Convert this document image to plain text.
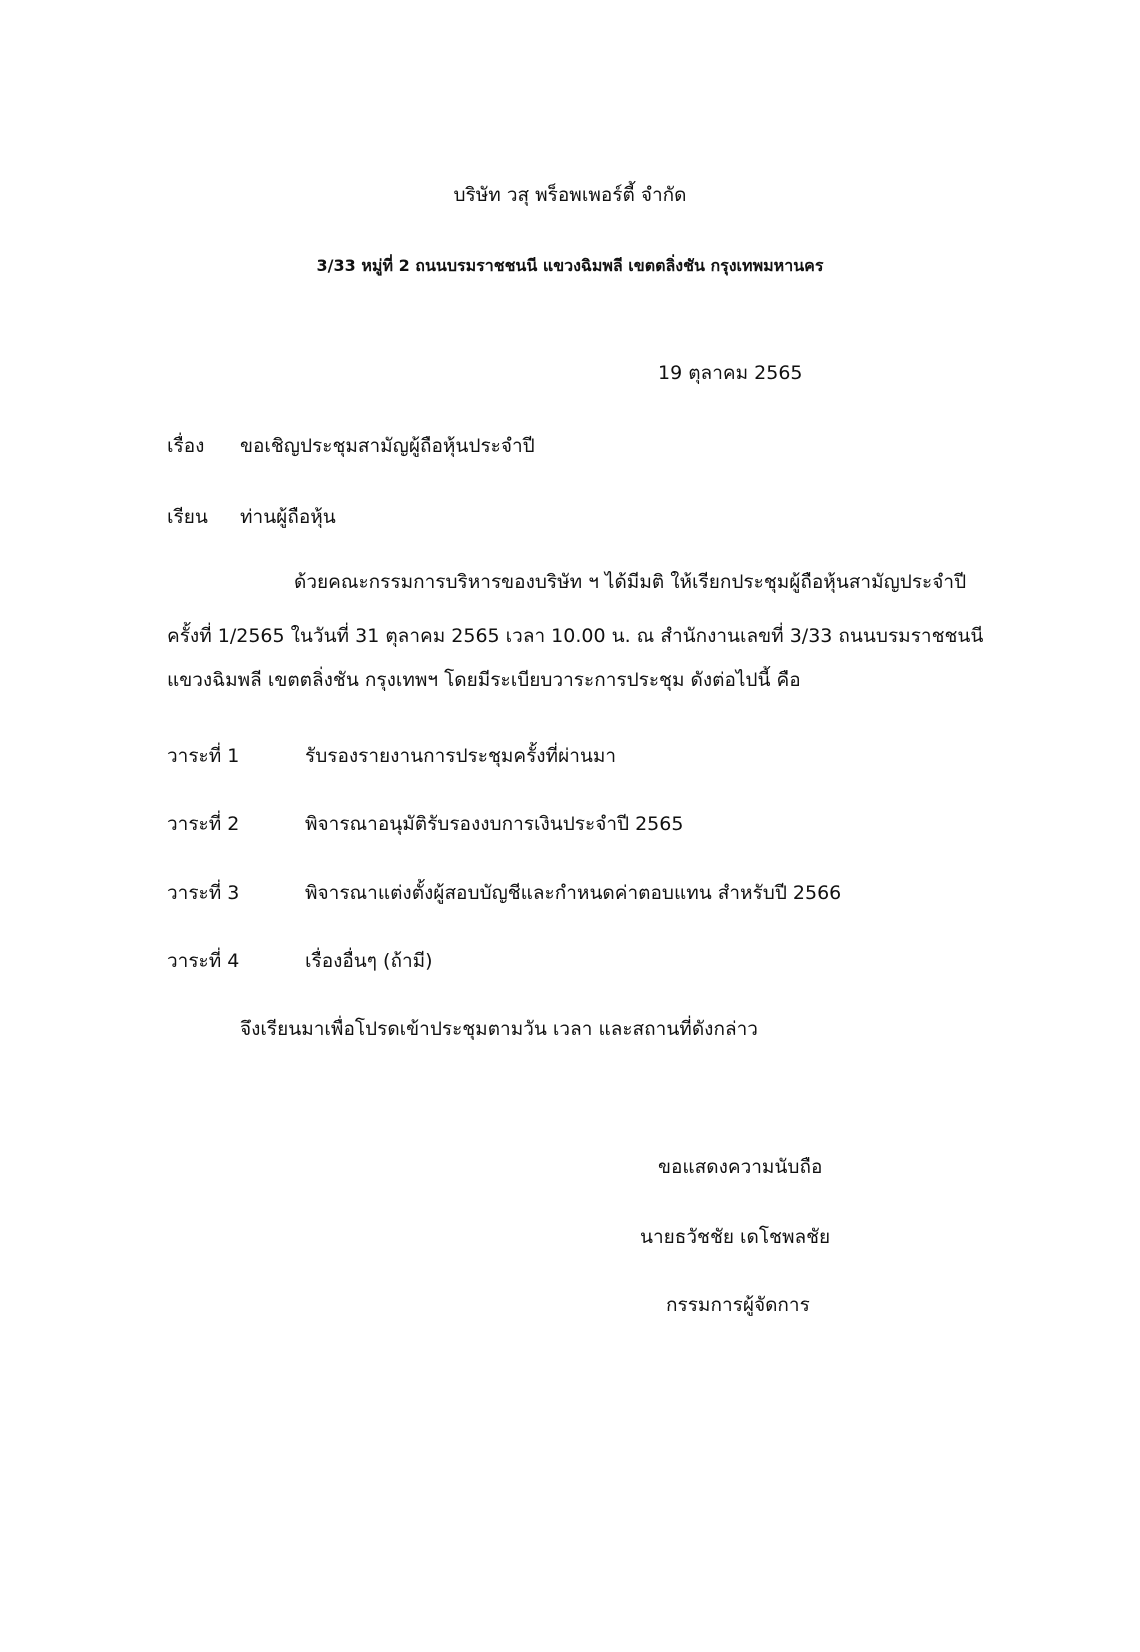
บริษัท วสุ พร็อพเพอร์ตี้ จำกัด
3/33 หมู่ที่ 2 ถนนบรมราชชนนี แขวงฉิมพลี เขตตลิ่งชัน กรุงเทพมหานคร
19 ตุลาคม 2565
เรื่อง ขอเชิญประชุมสามัญผู้ถือหุ้นประจำปี
เรียน ท่านผู้ถือหุ้น
ด้วยคณะกรรมการบริหารของบริษัท ฯ ได้มีมติ ให้เรียกประชุมผู้ถือหุ้นสามัญประจำปี
ครั้งที่ 1/2565 ในวันที่ 31 ตุลาคม 2565 เวลา 10.00 น. ณ สำนักงานเลขที่ 3/33 ถนนบรมราชชนนี
แขวงฉิมพลี เขตตลิ่งชัน กรุงเทพฯ โดยมีระเบียบวาระการประชุม ดังต่อไปนี้ คือ
วาระที่ 1	รับรองรายงานการประชุมครั้งที่ผ่านมา
วาระที่ 2	พิจารณาอนุมัติรับรองงบการเงินประจำปี 2565
วาระที่ 3	พิจารณาแต่งตั้งผู้สอบบัญชีและกำหนดค่าตอบแทน สำหรับปี 2566
วาระที่ 4	เรื่องอื่นๆ (ถ้ามี)
จึงเรียนมาเพื่อโปรดเข้าประชุมตามวัน เวลา และสถานที่ดังกล่าว
ขอแสดงความนับถือ
นายธวัชชัย เดโชพลชัย
กรรมการผู้จัดการ
